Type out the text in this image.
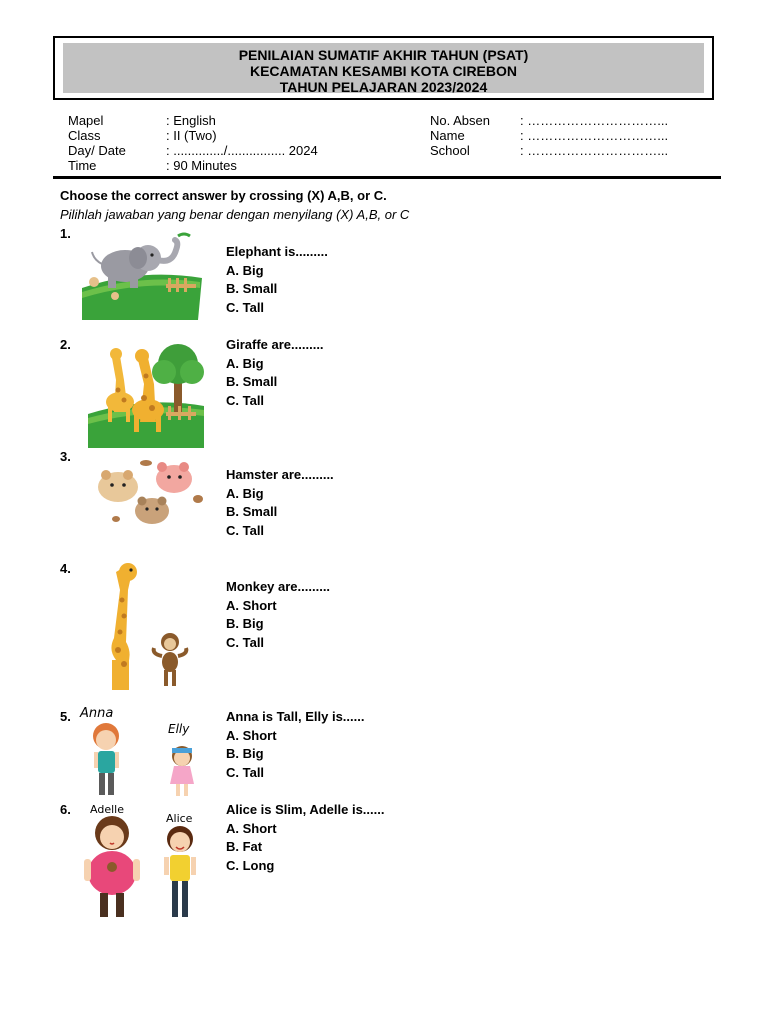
PENILAIAN SUMATIF AKHIR TAHUN (PSAT)
KECAMATAN KESAMBI KOTA CIREBON
TAHUN PELAJARAN 2023/2024
Mapel
Class
Day/ Date
Time
: English
: II (Two)
: ............../................ 2024
: 90 Minutes
No. Absen
Name
School
: …………………………...
: …………………………...
: …………………………...
Choose the correct answer by crossing (X) A,B, or C.
Pilihlah jawaban yang benar dengan menyilang (X) A,B, or C
1.
Elephant is.........
A. Big
B. Small
C. Tall
2.	Giraffe are.........
A. Big
B. Small
C. Tall
3.
Hamster are.........
A. Big
B. Small
C. Tall
4.
Monkey are.........
A. Short
B. Big
C. Tall
5. Anna
Elly
Anna is Tall, Elly is......
A. Short
B. Big
C. Tall
6. Adelle
Alice
Alice is Slim, Adelle is......
A. Short
B. Fat
C. Long
